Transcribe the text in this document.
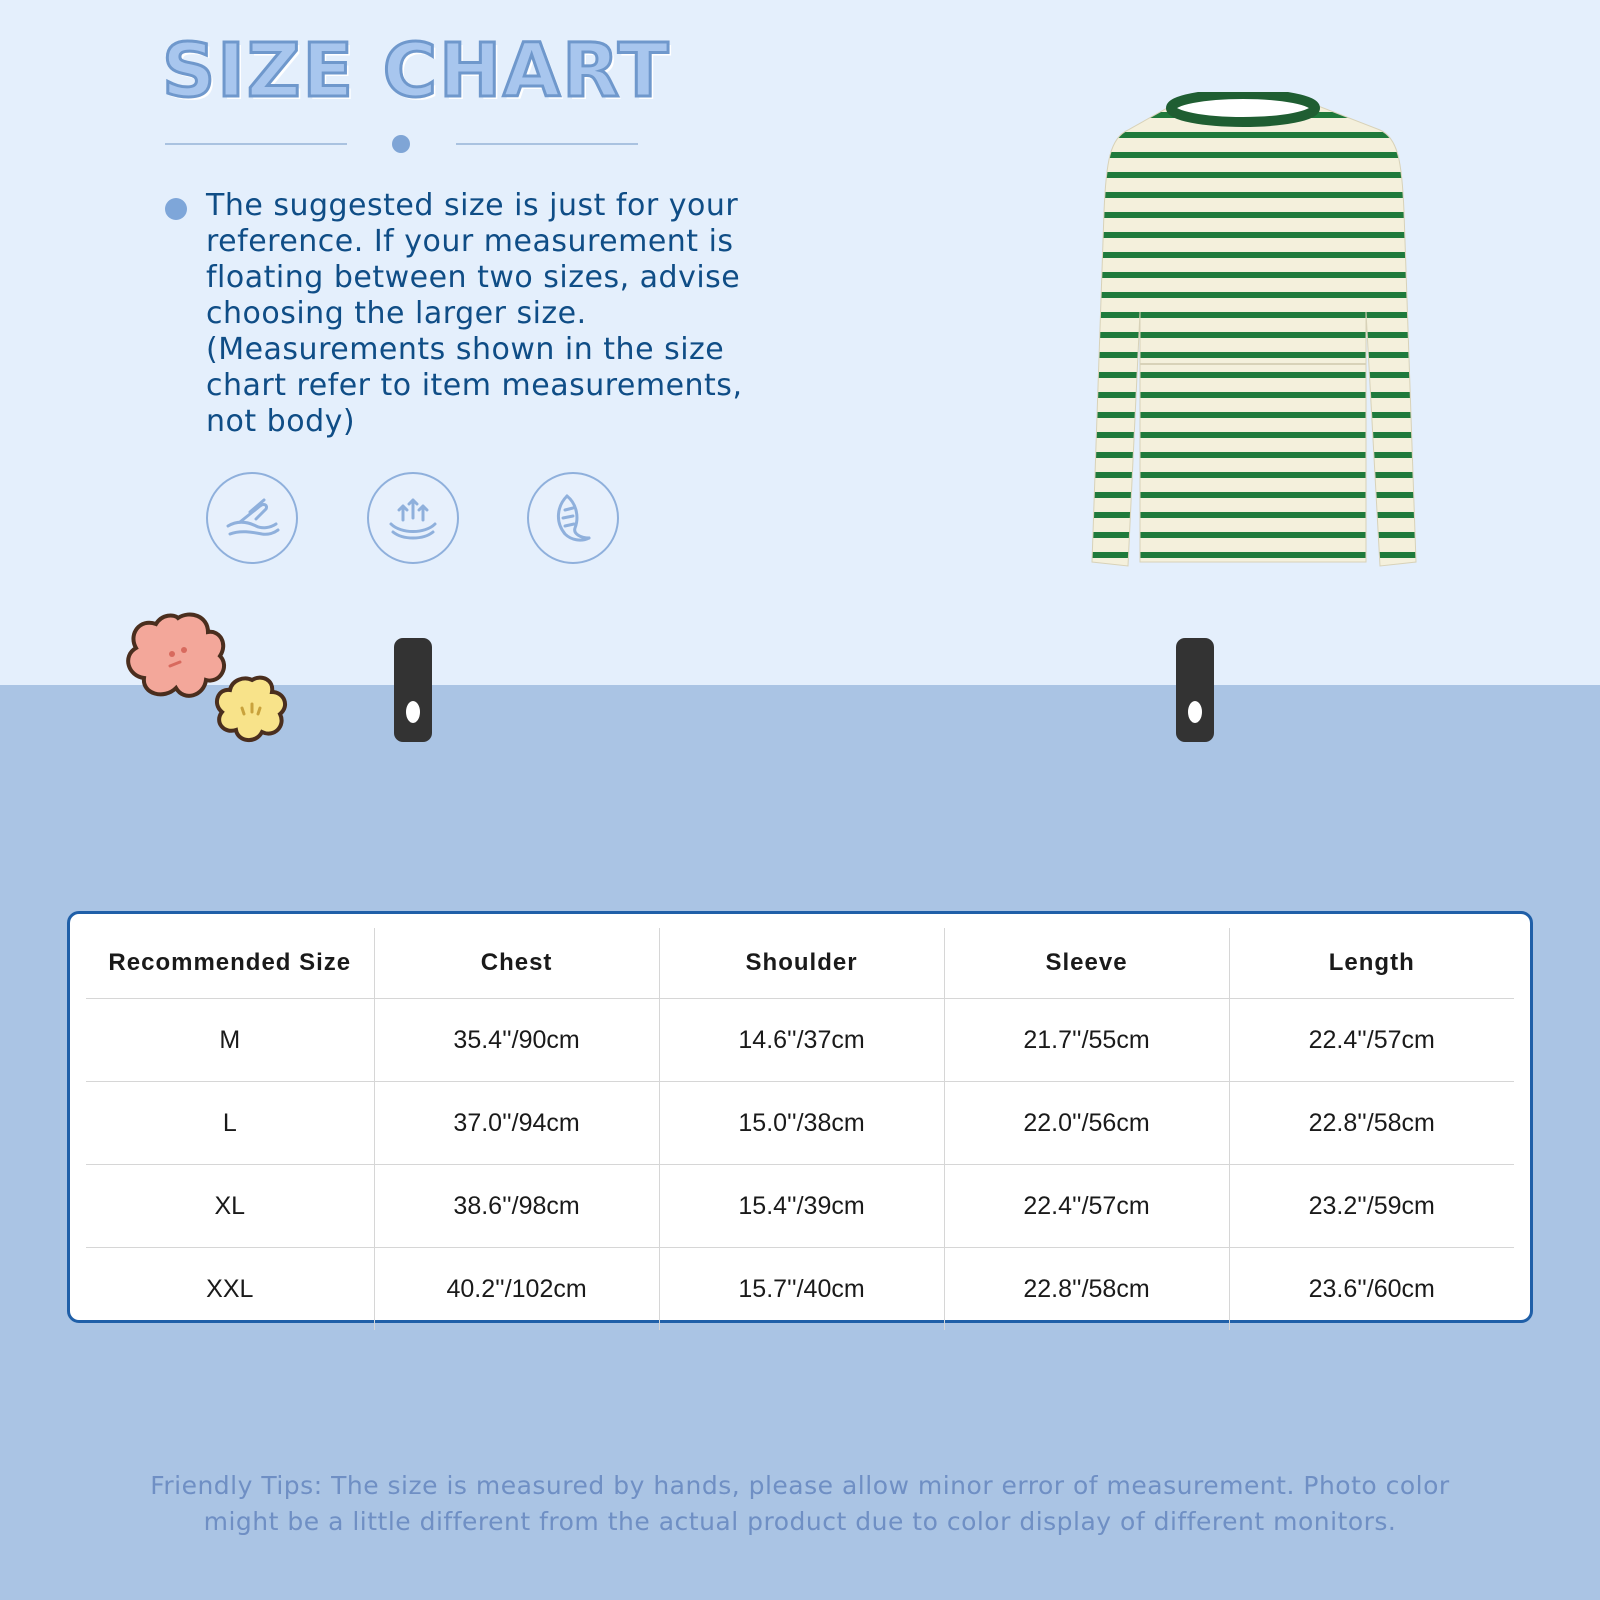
SIZE CHART

The suggested size is just for your
reference. If your measurement is
floating between two sizes, advise
choosing the larger size.
(Measurements shown in the size
chart refer to item measurements,
not body)

Recommended Size	Chest	Shoulder	Sleeve	Length
M	35.4''/90cm	14.6''/37cm	21.7''/55cm	22.4''/57cm
L	37.0''/94cm	15.0''/38cm	22.0''/56cm	22.8''/58cm
XL	38.6''/98cm	15.4''/39cm	22.4''/57cm	23.2''/59cm
XXL	40.2''/102cm	15.7''/40cm	22.8''/58cm	23.6''/60cm

Friendly Tips: The size is measured by hands, please allow minor error of measurement. Photo color might be a little different from the actual product due to color display of different monitors.
